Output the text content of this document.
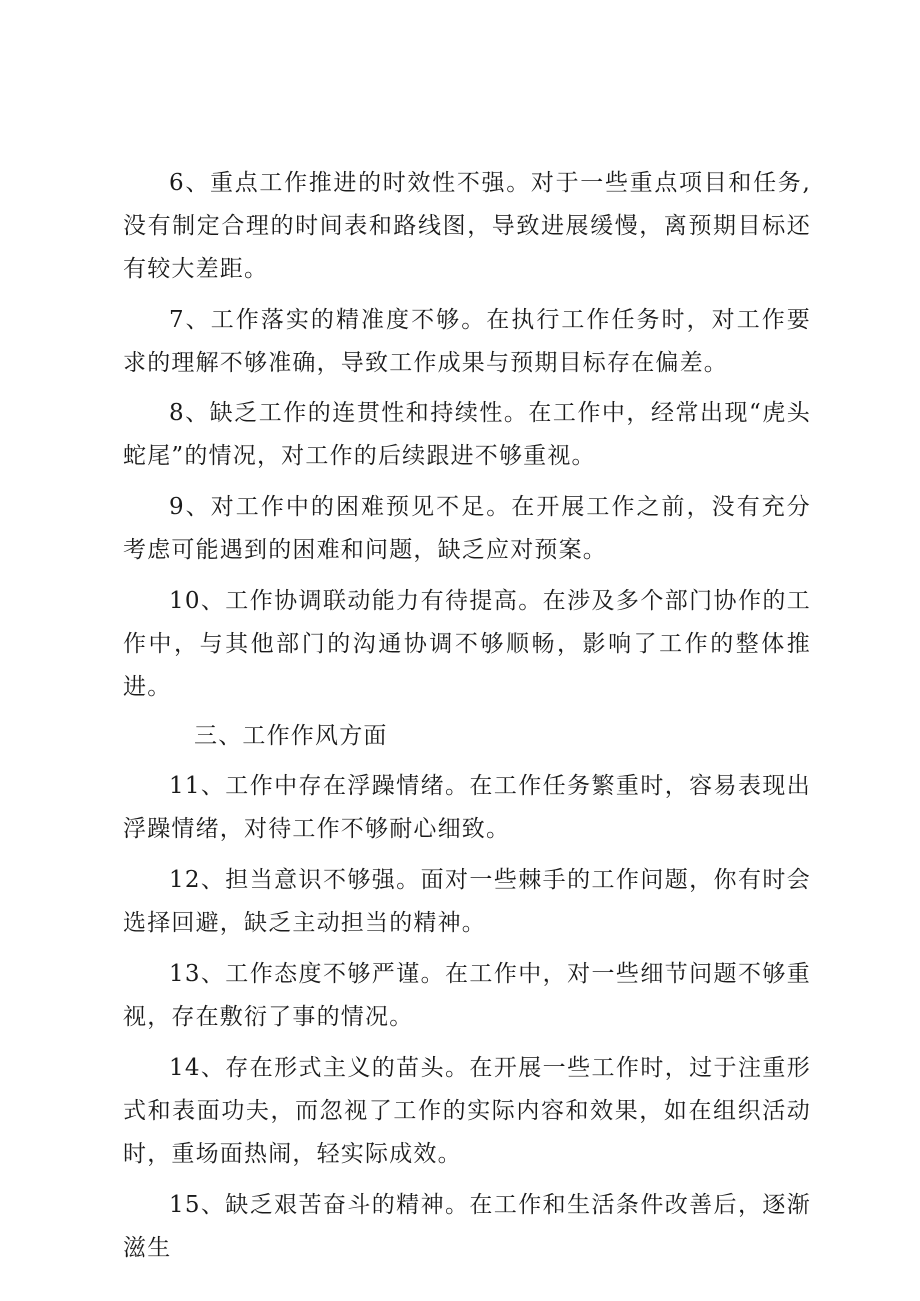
6、重点工作推进的时效性不强。对于一些重点项目和任务,没有制定合理的时间表和路线图，导致进展缓慢，离预期目标还有较大差距。

7、工作落实的精准度不够。在执行工作任务时，对工作要求的理解不够准确，导致工作成果与预期目标存在偏差。

8、缺乏工作的连贯性和持续性。在工作中，经常出现“虎头蛇尾”的情况，对工作的后续跟进不够重视。

9、对工作中的困难预见不足。在开展工作之前，没有充分考虑可能遇到的困难和问题，缺乏应对预案。

10、工作协调联动能力有待提高。在涉及多个部门协作的工作中，与其他部门的沟通协调不够顺畅，影响了工作的整体推进。

三、工作作风方面

11、工作中存在浮躁情绪。在工作任务繁重时，容易表现出浮躁情绪，对待工作不够耐心细致。

12、担当意识不够强。面对一些棘手的工作问题，你有时会选择回避，缺乏主动担当的精神。

13、工作态度不够严谨。在工作中，对一些细节问题不够重视，存在敷衍了事的情况。

14、存在形式主义的苗头。在开展一些工作时，过于注重形式和表面功夫，而忽视了工作的实际内容和效果，如在组织活动时，重场面热闹，轻实际成效。

15、缺乏艰苦奋斗的精神。在工作和生活条件改善后，逐渐滋生
